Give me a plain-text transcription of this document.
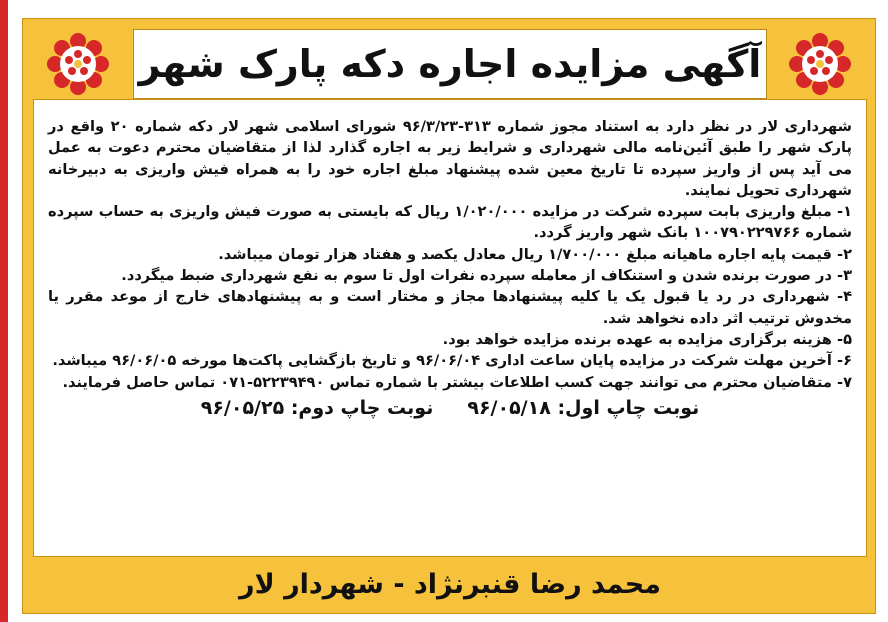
آگهی مزایده اجاره دکه پارک شهر

شهرداری لار در نظر دارد به استناد مجوز شماره ۳۱۳-۹۶/۳/۲۳ شورای اسلامی شهر لار دکه شماره ۲۰ واقع در پارک شهر را طبق آئین‌نامه مالی شهرداری و شرایط زیر به اجاره گذارد لذا از متقاضیان محترم دعوت به عمل می آید پس از واریز سپرده تا تاریخ معین شده پیشنهاد مبلغ اجاره خود را به همراه فیش واریزی به دبیرخانه شهرداری تحویل نمایند.

۱- مبلغ واریزی بابت سپرده شرکت در مزایده ۱/۰۲۰/۰۰۰ ریال که بایستی به صورت فیش واریزی به حساب سپرده شماره ۱۰۰۷۹۰۲۲۹۷۶۶ بانک شهر واریز گردد.

۲- قیمت پایه اجاره ماهیانه مبلغ ۱/۷۰۰/۰۰۰ ریال معادل یکصد و هفتاد هزار تومان میباشد.

۳- در صورت برنده شدن و استنکاف از معامله سپرده نفرات اول تا سوم به نفع شهرداری ضبط میگردد.

۴- شهرداری در رد یا قبول یک یا کلیه پیشنهادها مجاز و مختار است و به پیشنهادهای خارج از موعد مقرر یا مخدوش ترتیب اثر داده نخواهد شد.

۵- هزینه برگزاری مزایده به عهده برنده مزایده خواهد بود.

۶- آخرین مهلت شرکت در مزایده پایان ساعت اداری ۹۶/۰۶/۰۴ و تاریخ بازگشایی پاکت‌ها مورخه ۹۶/۰۶/۰۵ میباشد.

۷- متقاضیان محترم می توانند جهت کسب اطلاعات بیشتر با شماره تماس ۵۲۲۳۹۴۹۰-۰۷۱ تماس حاصل فرمایند.

نوبت چاپ اول: ۹۶/۰۵/۱۸
نوبت چاپ دوم: ۹۶/۰۵/۲۵
محمد رضا قنبرنژاد - شهردار لار
